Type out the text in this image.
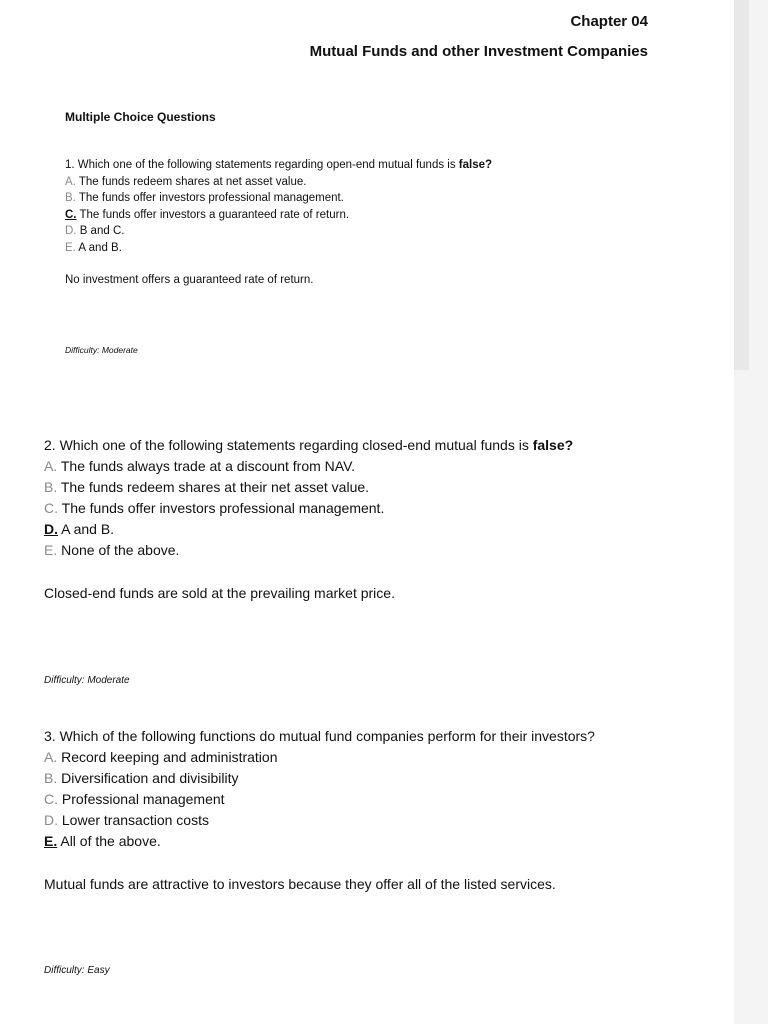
Chapter 04
Mutual Funds and other Investment Companies
Multiple Choice Questions
1. Which one of the following statements regarding open-end mutual funds is false?
A. The funds redeem shares at net asset value.
B. The funds offer investors professional management.
C. The funds offer investors a guaranteed rate of return.
D. B and C.
E. A and B.
No investment offers a guaranteed rate of return.
Difficulty: Moderate
2. Which one of the following statements regarding closed-end mutual funds is false?
A. The funds always trade at a discount from NAV.
B. The funds redeem shares at their net asset value.
C. The funds offer investors professional management.
D. A and B.
E. None of the above.
Closed-end funds are sold at the prevailing market price.
Difficulty: Moderate
3. Which of the following functions do mutual fund companies perform for their investors?
A. Record keeping and administration
B. Diversification and divisibility
C. Professional management
D. Lower transaction costs
E. All of the above.
Mutual funds are attractive to investors because they offer all of the listed services.
Difficulty: Easy
